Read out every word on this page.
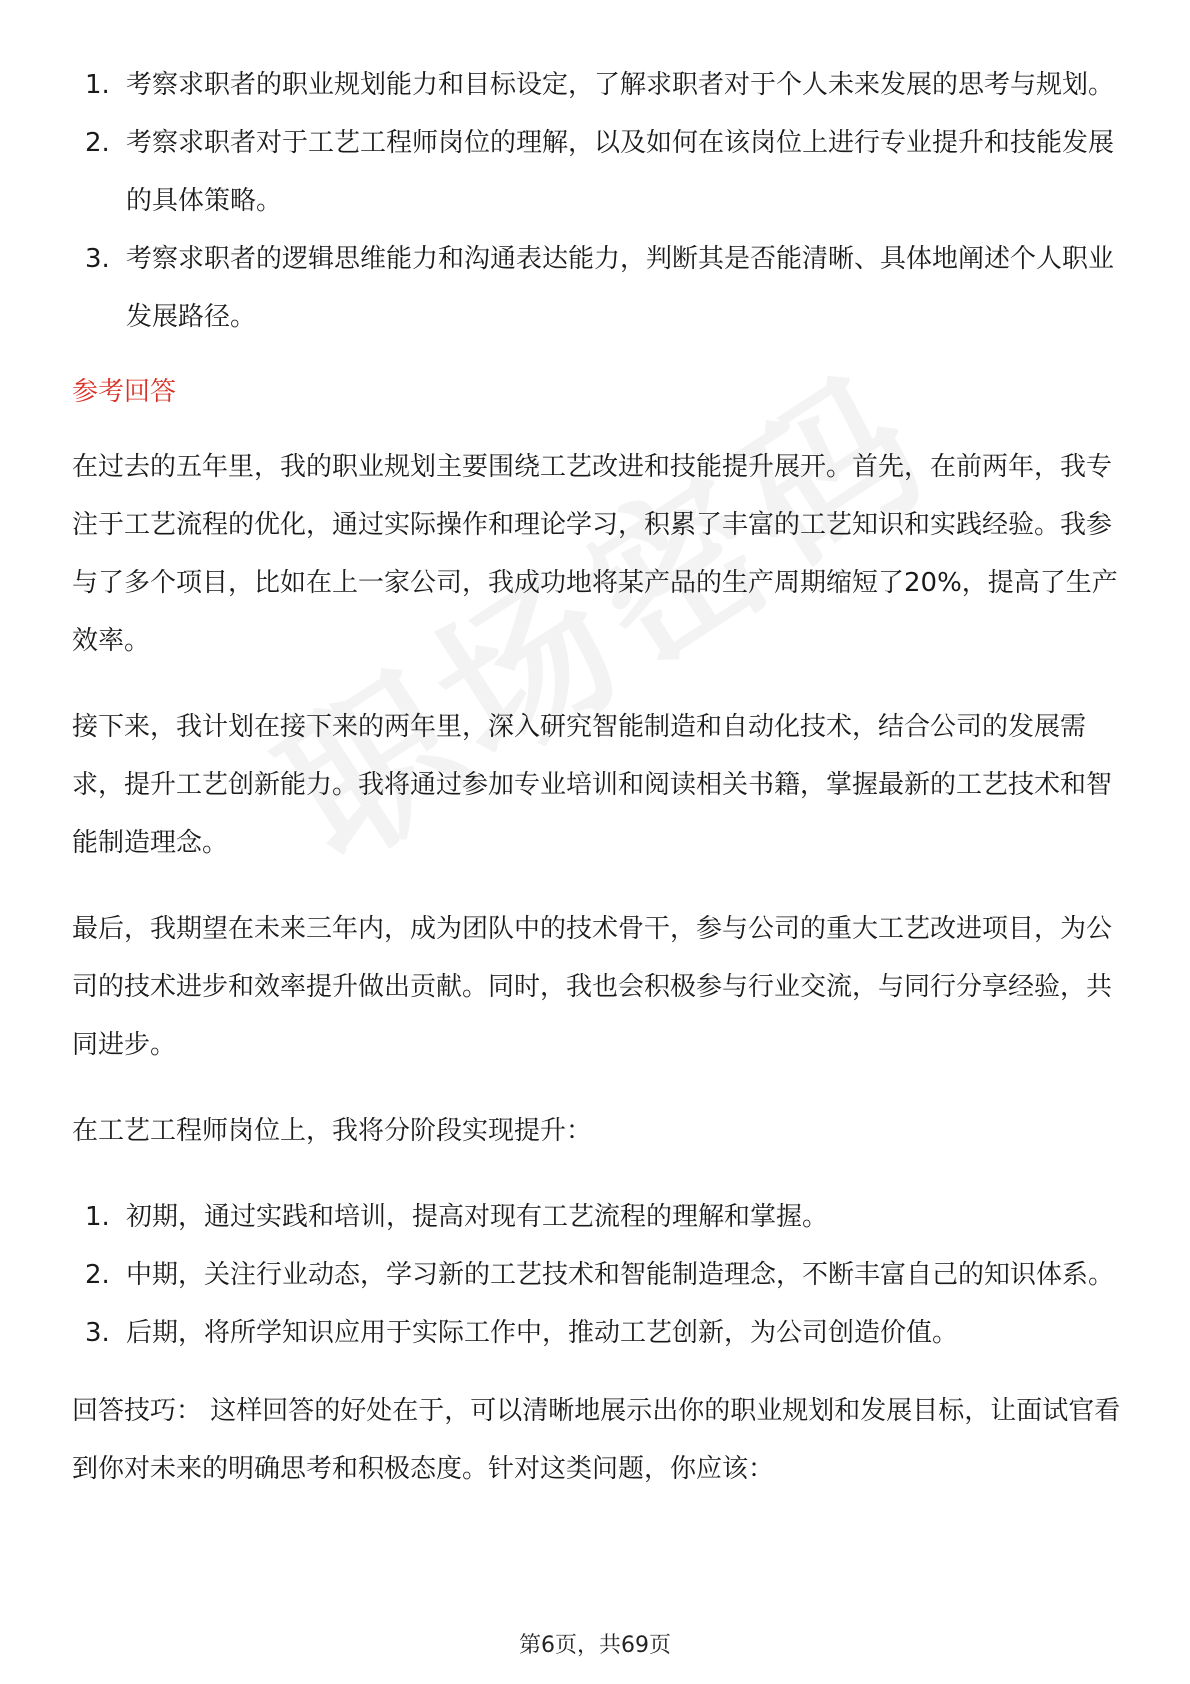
1. 考察求职者的职业规划能力和目标设定，了解求职者对于个人未来发展的思考与规划。
2. 考察求职者对于工艺工程师岗位的理解，以及如何在该岗位上进行专业提升和技能发展的具体策略。
3. 考察求职者的逻辑思维能力和沟通表达能力，判断其是否能清晰、具体地阐述个人职业发展路径。
参考回答

在过去的五年里，我的职业规划主要围绕工艺改进和技能提升展开。首先，在前两年，我专注于工艺流程的优化，通过实际操作和理论学习，积累了丰富的工艺知识和实践经验。我参与了多个项目，比如在上一家公司，我成功地将某产品的生产周期缩短了20%，提高了生产效率。

接下来，我计划在接下来的两年里，深入研究智能制造和自动化技术，结合公司的发展需求，提升工艺创新能力。我将通过参加专业培训和阅读相关书籍，掌握最新的工艺技术和智能制造理念。

最后，我期望在未来三年内，成为团队中的技术骨干，参与公司的重大工艺改进项目，为公司的技术进步和效率提升做出贡献。同时，我也会积极参与行业交流，与同行分享经验，共同进步。

在工艺工程师岗位上，我将分阶段实现提升：

1. 初期，通过实践和培训，提高对现有工艺流程的理解和掌握。
2. 中期，关注行业动态，学习新的工艺技术和智能制造理念，不断丰富自己的知识体系。
3. 后期，将所学知识应用于实际工作中，推动工艺创新，为公司创造价值。

回答技巧： 这样回答的好处在于，可以清晰地展示出你的职业规划和发展目标，让面试官看到你对未来的明确思考和积极态度。针对这类问题，你应该：

第6页，共69页
